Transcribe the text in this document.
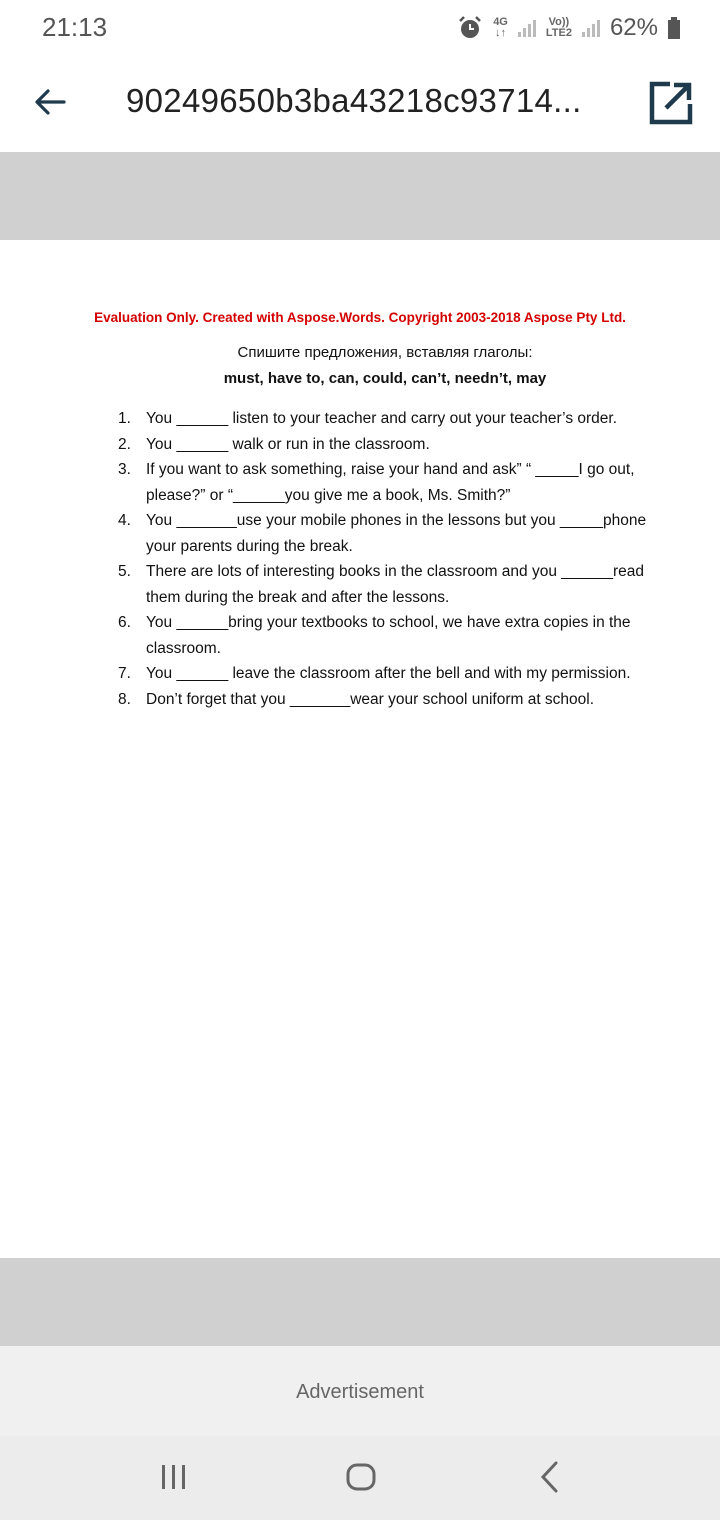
21:13	4G
↓↑
Vo))
LTE2 62%
90249650b3ba43218c93714...
Evaluation Only. Created with Aspose.Words. Copyright 2003-2018 Aspose Pty Ltd.
Спишите предложения, вставляя глаголы:
must, have to, can, could, can’t, needn’t, may
1. You ______ listen to your teacher and carry out your teacher’s order.
2. You ______ walk or run in the classroom.
3. If you want to ask something, raise your hand and ask” “ _____I go out, please?” or “______you give me a book, Ms. Smith?”
4. You _______use your mobile phones in the lessons but you _____phone your parents during the break.
5. There are lots of interesting books in the classroom and you ______read them during the break and after the lessons.
6. You ______bring your textbooks to school, we have extra copies in the classroom.
7. You ______ leave the classroom after the bell and with my permission.
8. Don’t forget that you _______wear your school uniform at school.
Advertisement
